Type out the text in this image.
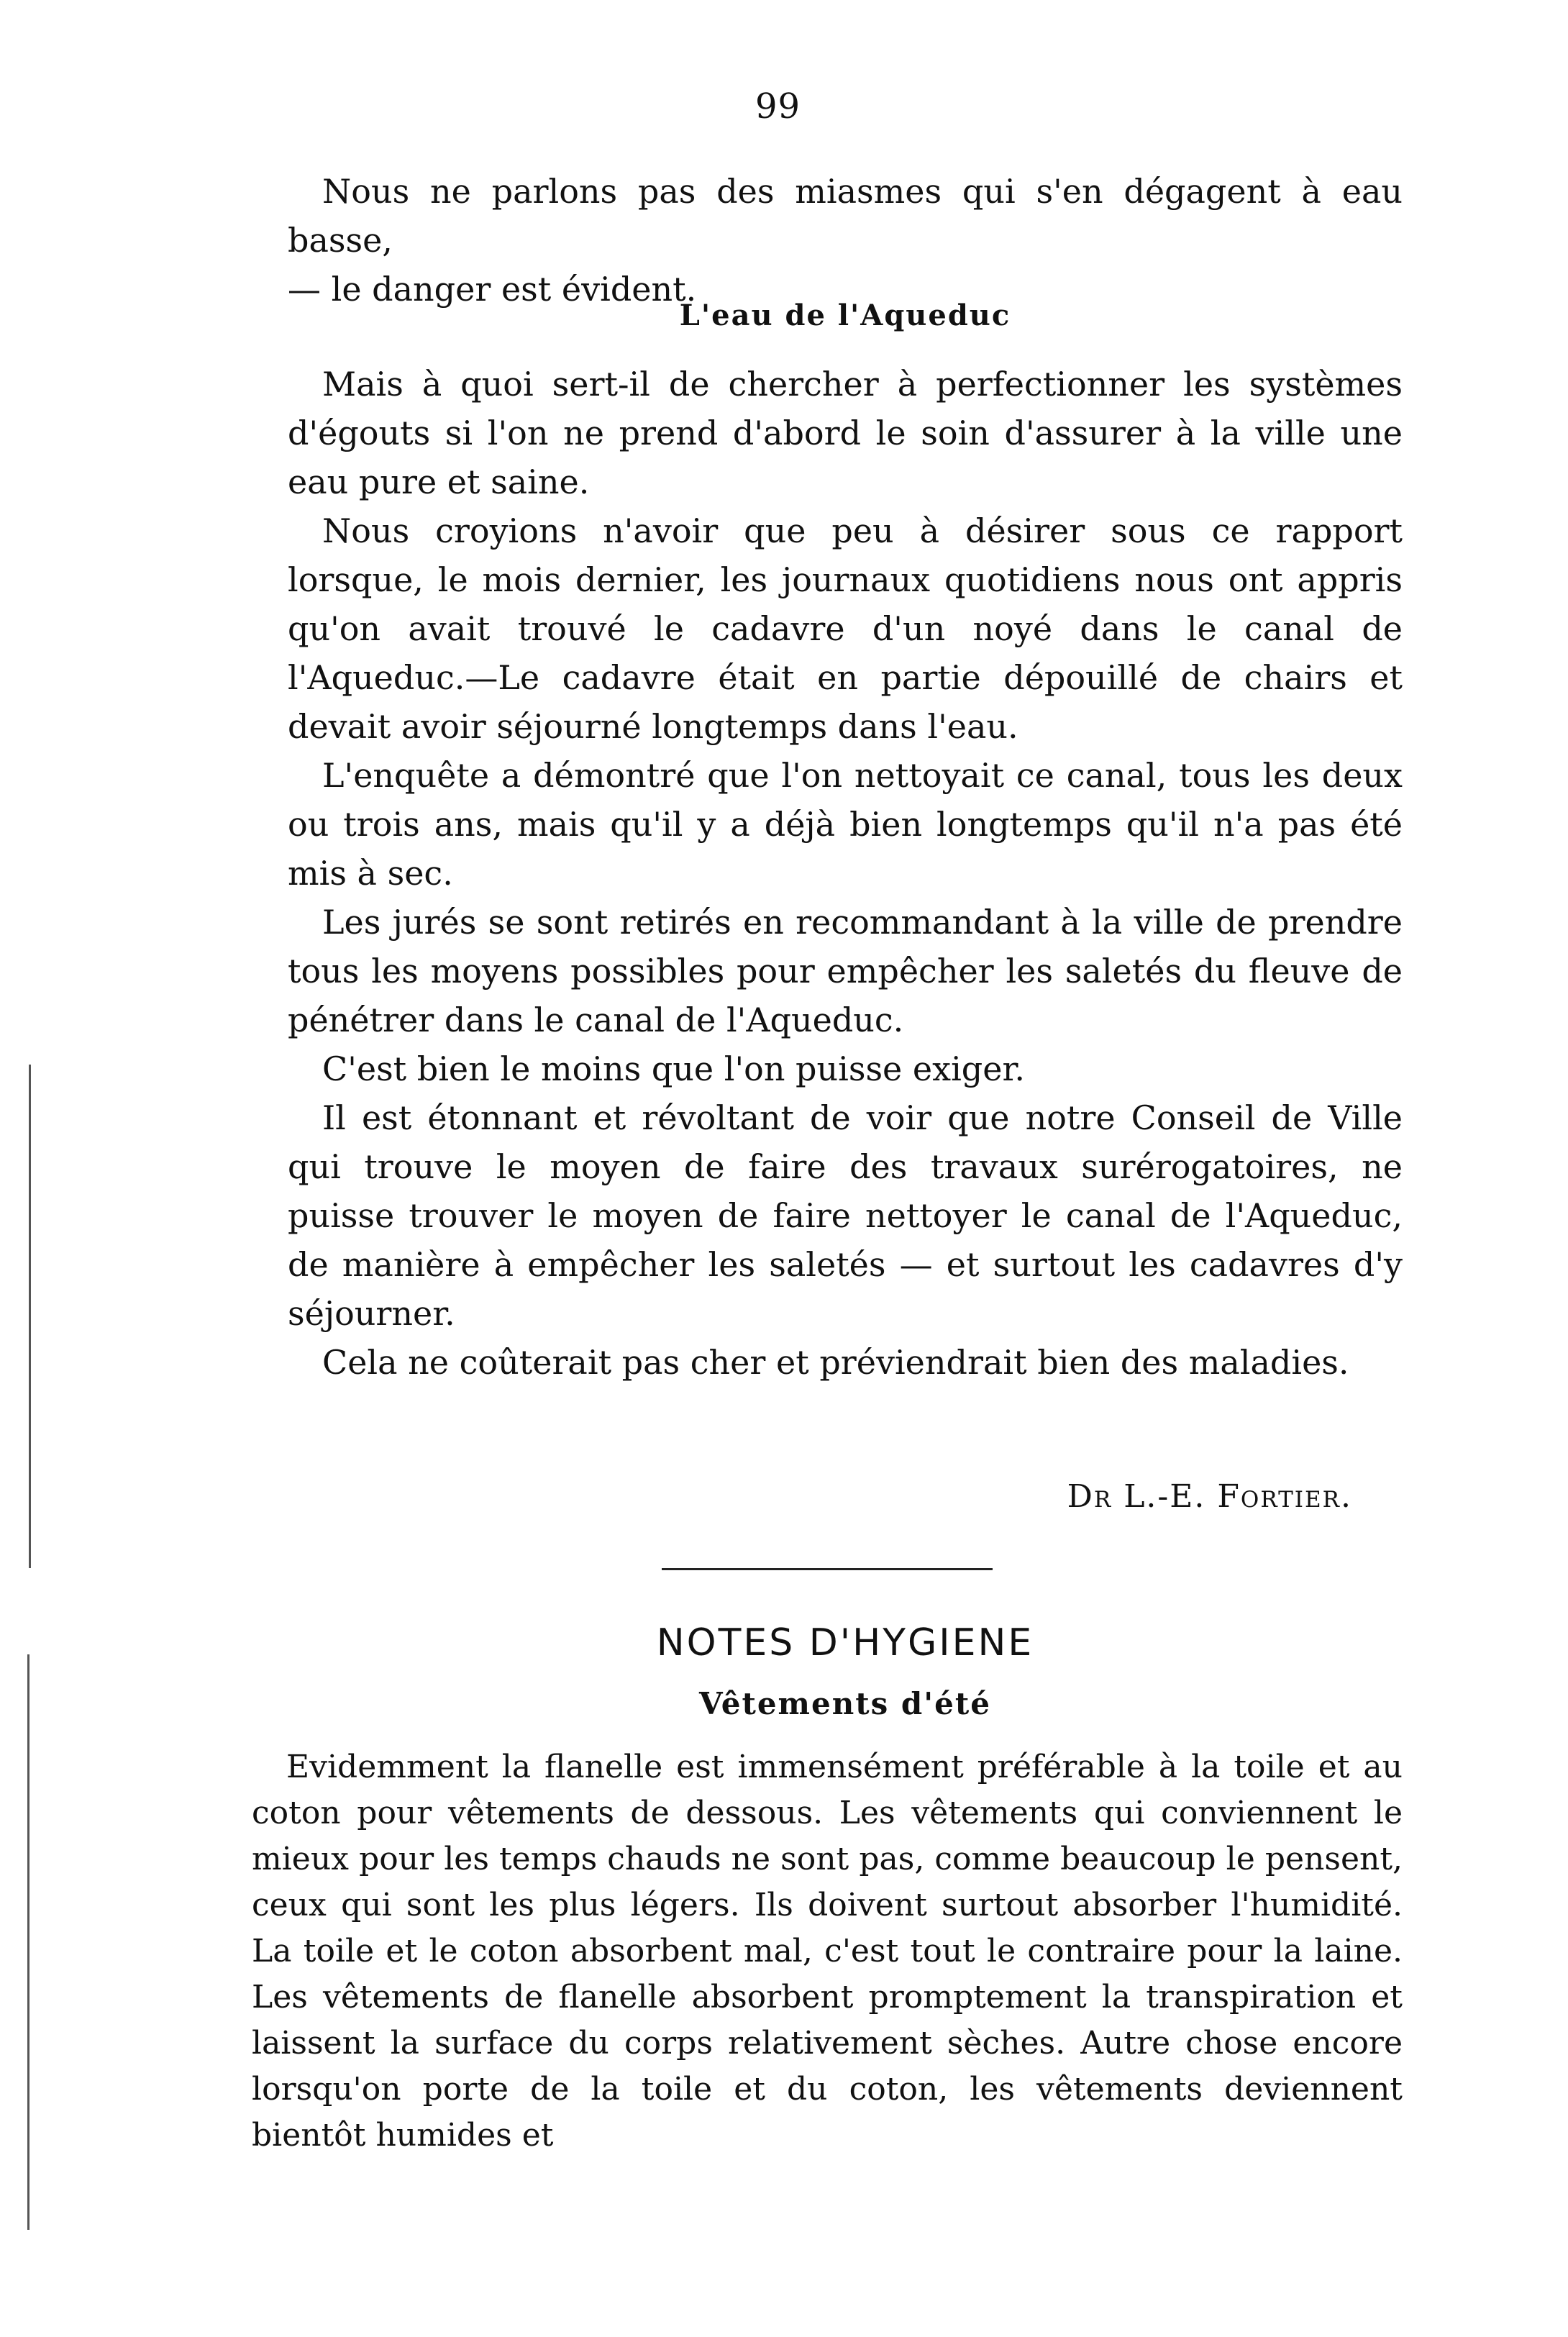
99

Nous ne parlons pas des miasmes qui s'en dégagent à eau basse,

— le danger est évident.

L'eau de l'Aqueduc

Mais à quoi sert-il de chercher à perfectionner les systèmes d'égouts si l'on ne prend d'abord le soin d'assurer à la ville une eau pure et saine.

Nous croyions n'avoir que peu à désirer sous ce rapport lorsque, le mois dernier, les journaux quotidiens nous ont appris qu'on avait trouvé le cadavre d'un noyé dans le canal de l'Aqueduc.—Le cadavre était en partie dépouillé de chairs et devait avoir séjourné longtemps dans l'eau.

L'enquête a démontré que l'on nettoyait ce canal, tous les deux ou trois ans, mais qu'il y a déjà bien longtemps qu'il n'a pas été mis à sec.

Les jurés se sont retirés en recommandant à la ville de prendre tous les moyens possibles pour empêcher les saletés du fleuve de pénétrer dans le canal de l'Aqueduc.

C'est bien le moins que l'on puisse exiger.

Il est étonnant et révoltant de voir que notre Conseil de Ville qui trouve le moyen de faire des travaux surérogatoires, ne puisse trouver le moyen de faire nettoyer le canal de l'Aqueduc, de manière à empêcher les saletés — et surtout les cadavres d'y séjourner.

Cela ne coûterait pas cher et préviendrait bien des maladies.

Dr L.-E. Fortier.
NOTES D'HYGIENE
Vêtements d'été

Evidemment la flanelle est immensément préférable à la toile et au coton pour vêtements de dessous. Les vêtements qui conviennent le mieux pour les temps chauds ne sont pas, comme beaucoup le pensent, ceux qui sont les plus légers. Ils doivent surtout absorber l'humidité. La toile et le coton absorbent mal, c'est tout le contraire pour la laine. Les vêtements de flanelle absorbent promptement la transpiration et laissent la surface du corps relativement sèches. Autre chose encore lorsqu'on porte de la toile et du coton, les vêtements deviennent bientôt humides et
